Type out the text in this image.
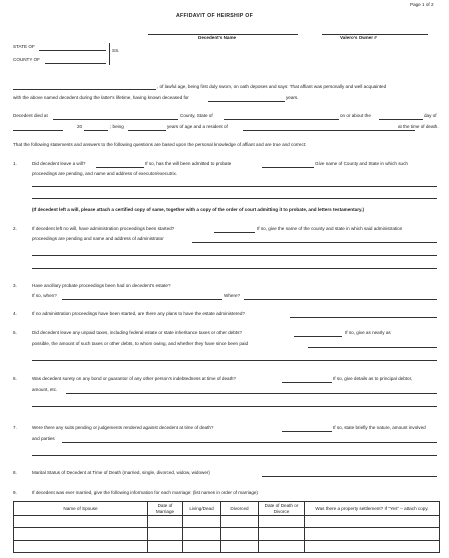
Page 1 of 2
AFFIDAVIT OF HEIRSHIP OF
Decedent's Name	Valero's Owner #
STATE OF
SS.
COUNTY OF
, of lawful age, being first duly sworn, on oath deposes and says: That affiant was personally and well acquainted
with the above named decedent during the latter's lifetime, having known deceased for	years.
Decedent died at	County, State of	on or about the	day of
20	; being	years of age and a resident of	at the time of death.
That the following statements and answers to the following questions are based upon the personal knowledge of affiant and are true and correct:
1.	Did decedent leave a will?	If so, has the will been admitted to probate	Give name of County and State in which such
proceedings are pending, and name and address of executor/executrix.
(If decedent left a will, please attach a certified copy of same, together with a copy of the order of court admitting it to probate, and letters testamentary.)
2.	If decedent left no will, have administration proceedings been started?	If so, give the name of the county and state in which said administration
proceedings are pending and name and address of administrator
3.	Have ancillary probate proceedings been had on decedent's estate?
If so, when?	Where?
4.	If no administration proceedings have been started, are there any plans to have the estate administered?
5.	Did decedent leave any unpaid taxes, including federal estate or state inheritance taxes or other debts?	If so, give as nearly as
possible, the amount of such taxes or other debts, to whom owing, and whether they have since been paid
6.	Was decedent surety on any bond or guarantor of any other person's indebtedness at time of death?	If so, give details as to principal debtor,
amount, etc.
7.	Were there any suits pending or judgements rendered against decedent at time of death?	If so, state briefly the nature, amount involved
and parties
8.	Marital Status of Decedent at Time of Death (married, single, divorced, widow, widower)
9.	If decedent was ever married, give the following information for each marriage: (list names in order of marriage)
Name of Spouse	Date of Marriage	Living/Dead	Divorced	Date of Death or Divorce	Was there a property settlement? If "Yes" – attach copy.
